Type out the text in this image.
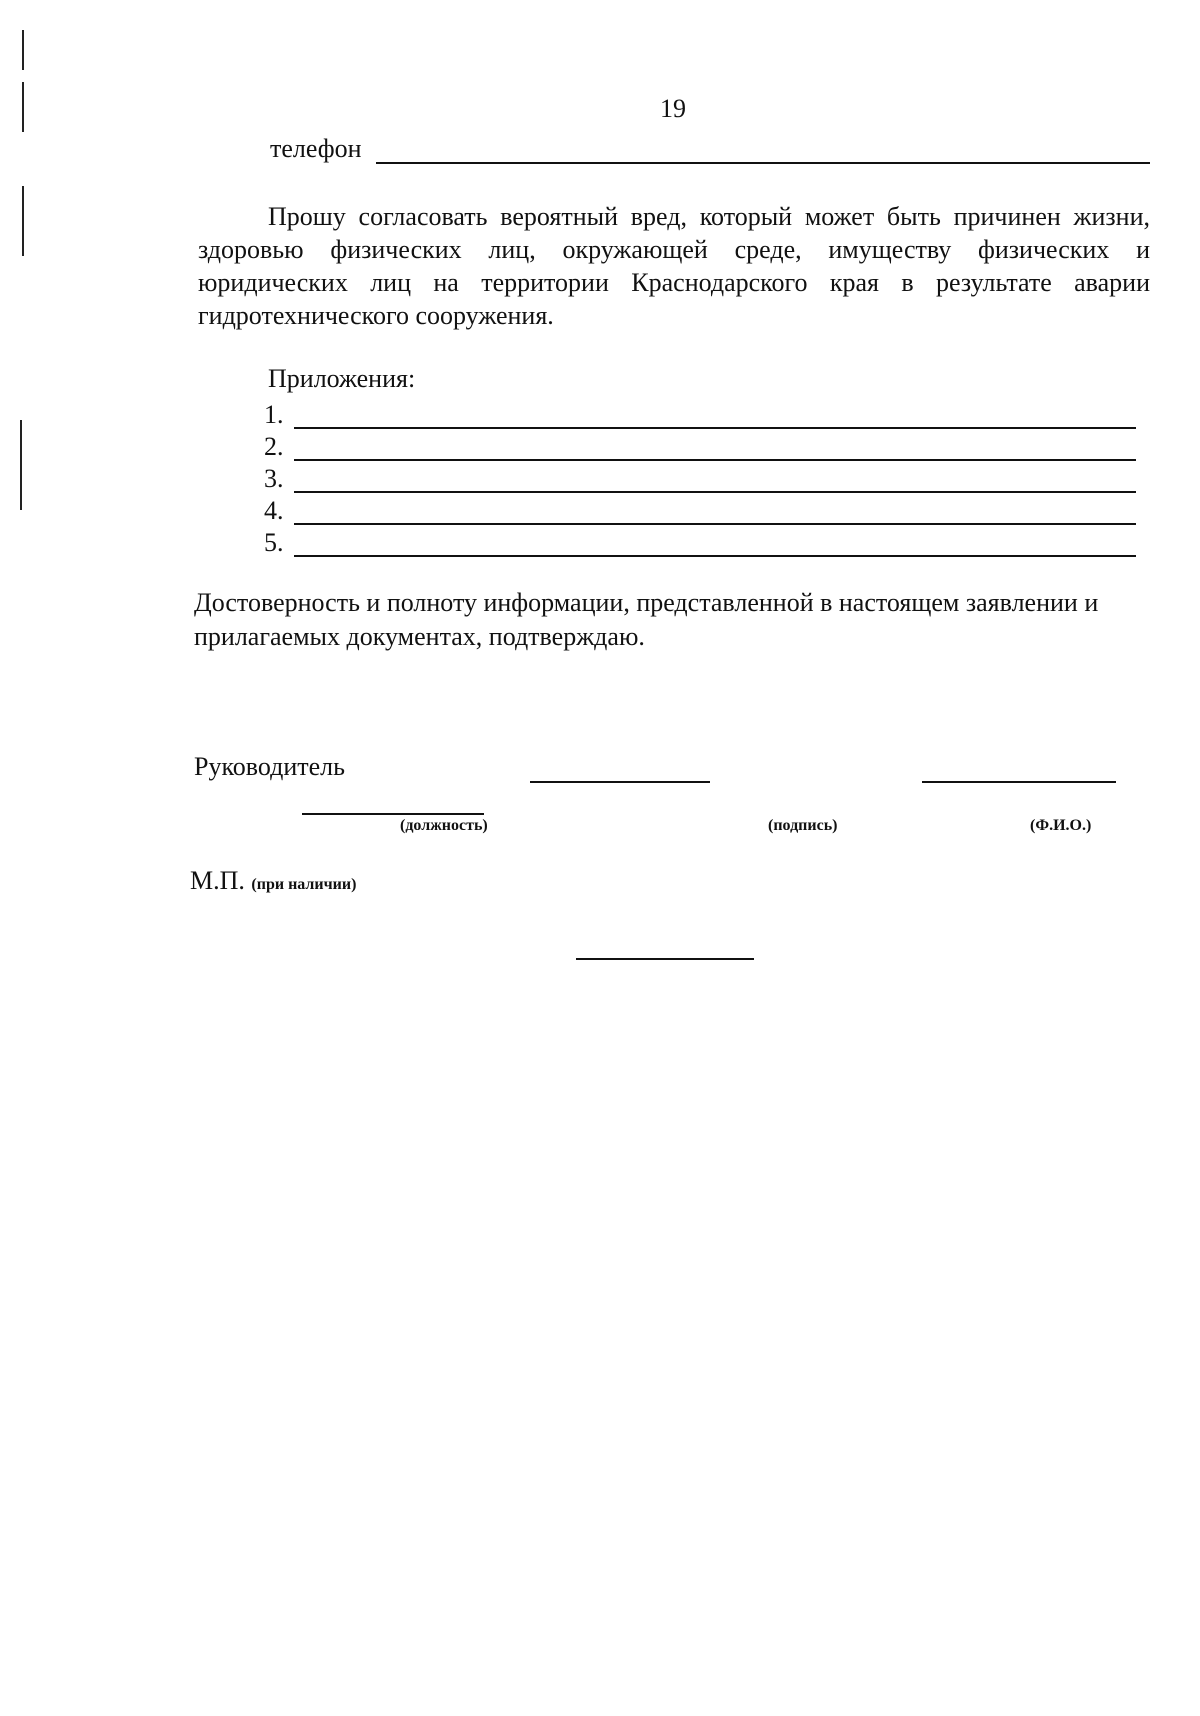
19
телефон

Прошу согласовать вероятный вред, который может быть причинен жизни, здоровью физических лиц, окружающей среде, имуществу физических и юридических лиц на территории Краснодарского края в результате аварии гидротехнического сооружения.

Приложения:
1.
2.
3.
4.
5.

Достоверность и полноту информации, представленной в настоящем заявлении и прилагаемых документах, подтверждаю.

Руководитель
(должность)	(подпись)	(Ф.И.О.)
М.П. (при наличии)
